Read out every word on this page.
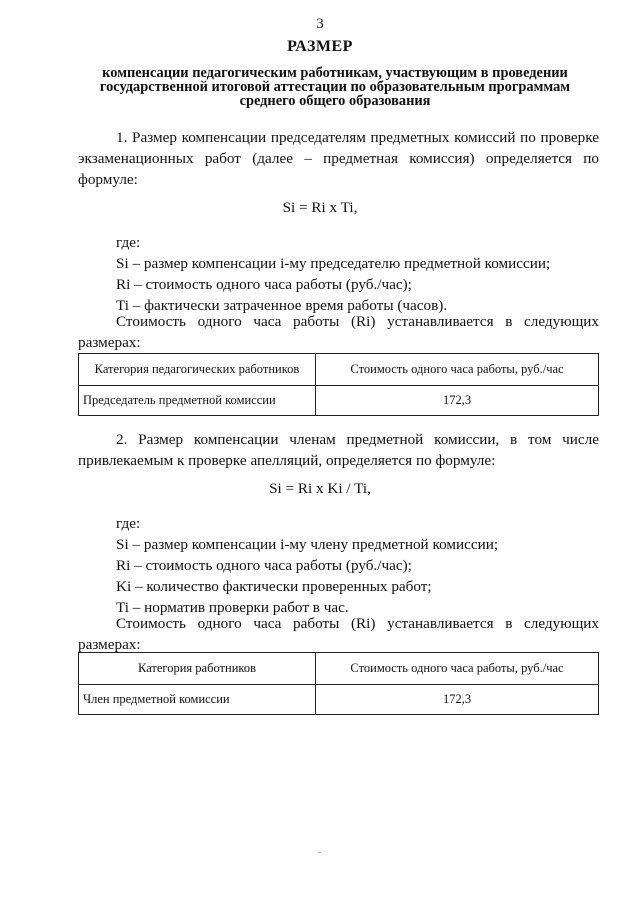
3
РАЗМЕР
компенсации педагогическим работникам, участвующим в проведении
государственной итоговой аттестации по образовательным программам
среднего общего образования
1. Размер компенсации председателям предметных комиссий по проверке экзаменационных работ (далее – предметная комиссия) определяется по формуле:
Si = Ri x Ti,
где:
Si – размер компенсации i-му председателю предметной комиссии;
Ri – стоимость одного часа работы (руб./час);
Ti – фактически затраченное время работы (часов).
Стоимость одного часа работы (Ri) устанавливается в следующих размерах:
Категория педагогических работников	Стоимость одного часа работы, руб./час
Председатель предметной комиссии	172,3
2. Размер компенсации членам предметной комиссии, в том числе привлекаемым к проверке апелляций, определяется по формуле:
Si = Ri x Ki / Ti,
где:
Si – размер компенсации i-му члену предметной комиссии;
Ri – стоимость одного часа работы (руб./час);
Ki – количество фактически проверенных работ;
Ti – норматив проверки работ в час.
Стоимость одного часа работы (Ri) устанавливается в следующих размерах:
Категория работников	Стоимость одного часа работы, руб./час
Член предметной комиссии	172,3
